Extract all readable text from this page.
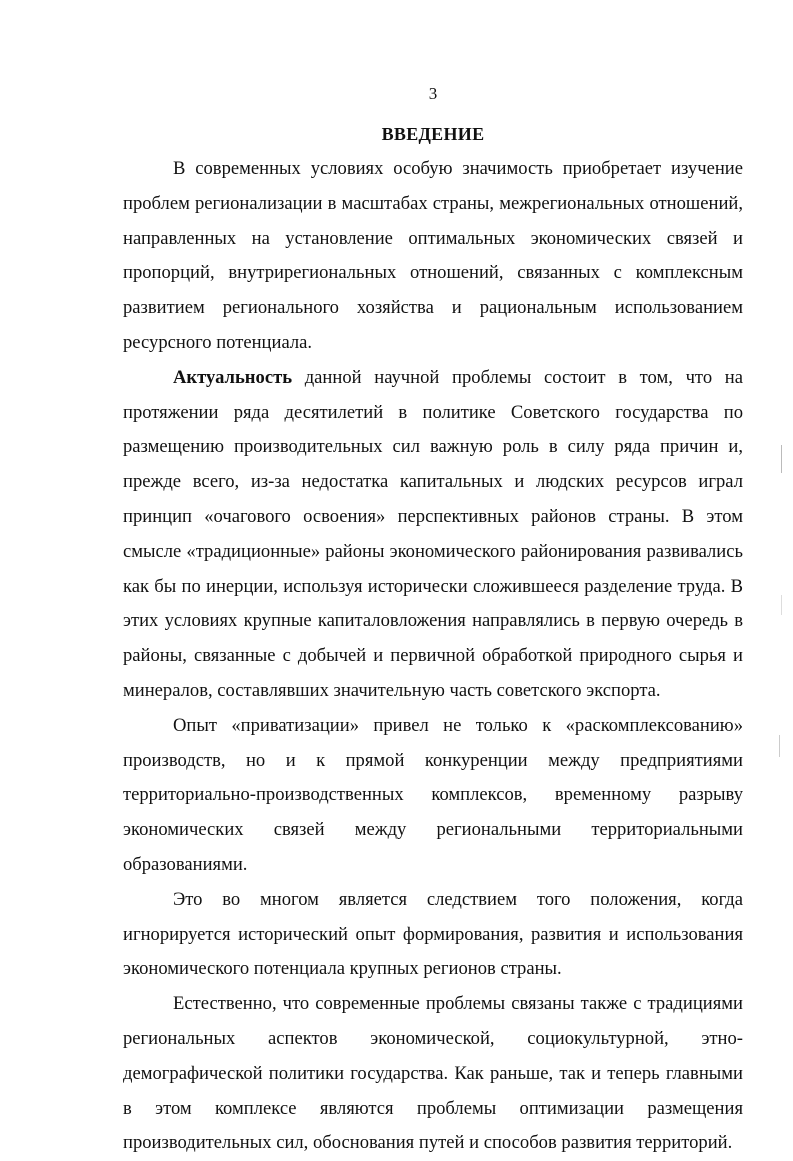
3
ВВЕДЕНИЕ

В современных условиях особую значимость приобретает изучение проблем регионализации в масштабах страны, межрегиональных отношений, направленных на установление оптимальных экономических связей и пропорций, внутрирегиональных отношений, связанных с комплексным развитием регионального хозяйства и рациональным использованием ресурсного потенциала.

Актуальность данной научной проблемы состоит в том, что на протяжении ряда десятилетий в политике Советского государства по размещению производительных сил важную роль в силу ряда причин и, прежде всего, из-за недостатка капитальных и людских ресурсов играл принцип «очагового освоения» перспективных районов страны. В этом смысле «традиционные» районы экономического районирования развивались как бы по инерции, используя исторически сложившееся разделение труда. В этих условиях крупные капиталовложения направлялись в первую очередь в районы, связанные с добычей и первичной обработкой природного сырья и минералов, составлявших значительную часть советского экспорта.

Опыт «приватизации» привел не только к «раскомплексованию» производств, но и к прямой конкуренции между предприятиями территориально-производственных комплексов, временному разрыву экономических связей между региональными территориальными образованиями.

Это во многом является следствием того положения, когда игнорируется исторический опыт формирования, развития и использования экономического потенциала крупных регионов страны.

Естественно, что современные проблемы связаны также с традициями региональных аспектов экономической, социокультурной, этно-демографической политики государства. Как раньше, так и теперь главными в этом комплексе являются проблемы оптимизации размещения производительных сил, обоснования путей и способов развития территорий.
